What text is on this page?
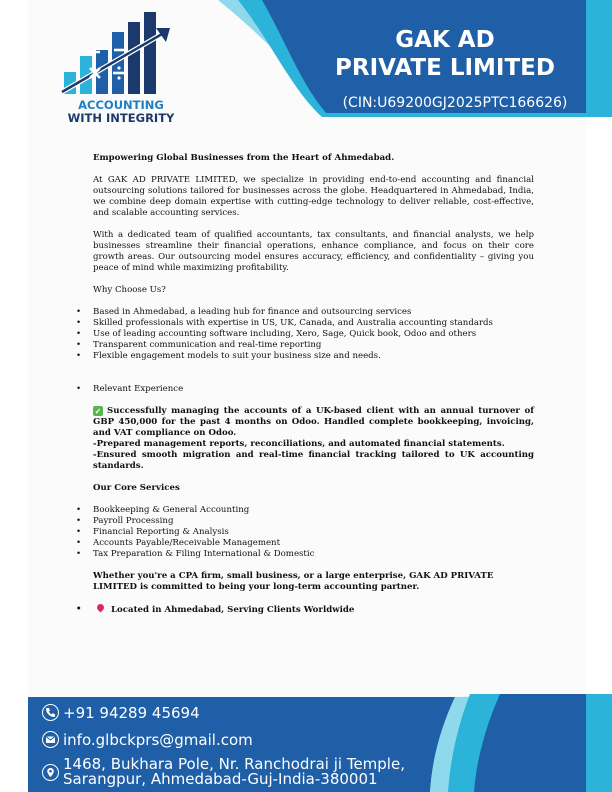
ACCOUNTING
WITH INTEGRITY
GAK AD
PRIVATE LIMITED
(CIN:U69200GJ2025PTC166626)

Empowering Global Businesses from the Heart of Ahmedabad.

At GAK AD PRIVATE LIMITED, we specialize in providing end-to-end accounting and financial outsourcing solutions tailored for businesses across the globe. Headquartered in Ahmedabad, India, we combine deep domain expertise with cutting-edge technology to deliver reliable, cost-effective, and scalable accounting services.

With a dedicated team of qualified accountants, tax consultants, and financial analysts, we help businesses streamline their financial operations, enhance compliance, and focus on their core growth areas. Our outsourcing model ensures accuracy, efficiency, and confidentiality – giving you peace of mind while maximizing profitability.

Why Choose Us?

• Based in Ahmedabad, a leading hub for finance and outsourcing services
• Skilled professionals with expertise in US, UK, Canada, and Australia accounting standards
• Use of leading accounting software including, Xero, Sage, Quick book, Odoo and others
• Transparent communication and real-time reporting
• Flexible engagement models to suit your business size and needs.
• Relevant Experience

✓ Successfully managing the accounts of a UK-based client with an annual turnover of GBP 450,000 for the past 4 months on Odoo. Handled complete bookkeeping, invoicing, and VAT compliance on Odoo.

-Prepared management reports, reconciliations, and automated financial statements.

-Ensured smooth migration and real-time financial tracking tailored to UK accounting standards.

Our Core Services

• Bookkeeping & General Accounting
• Payroll Processing
• Financial Reporting & Analysis
• Accounts Payable/Receivable Management
• Tax Preparation & Filing International & Domestic

Whether you're a CPA firm, small business, or a large enterprise, GAK AD PRIVATE LIMITED is committed to being your long-term accounting partner.

• Located in Ahmedabad, Serving Clients Worldwide
+91 94289 45694
info.glbckprs@gmail.com
1468, Bukhara Pole, Nr. Ranchodrai ji Temple,
Sarangpur, Ahmedabad-Guj-India-380001
